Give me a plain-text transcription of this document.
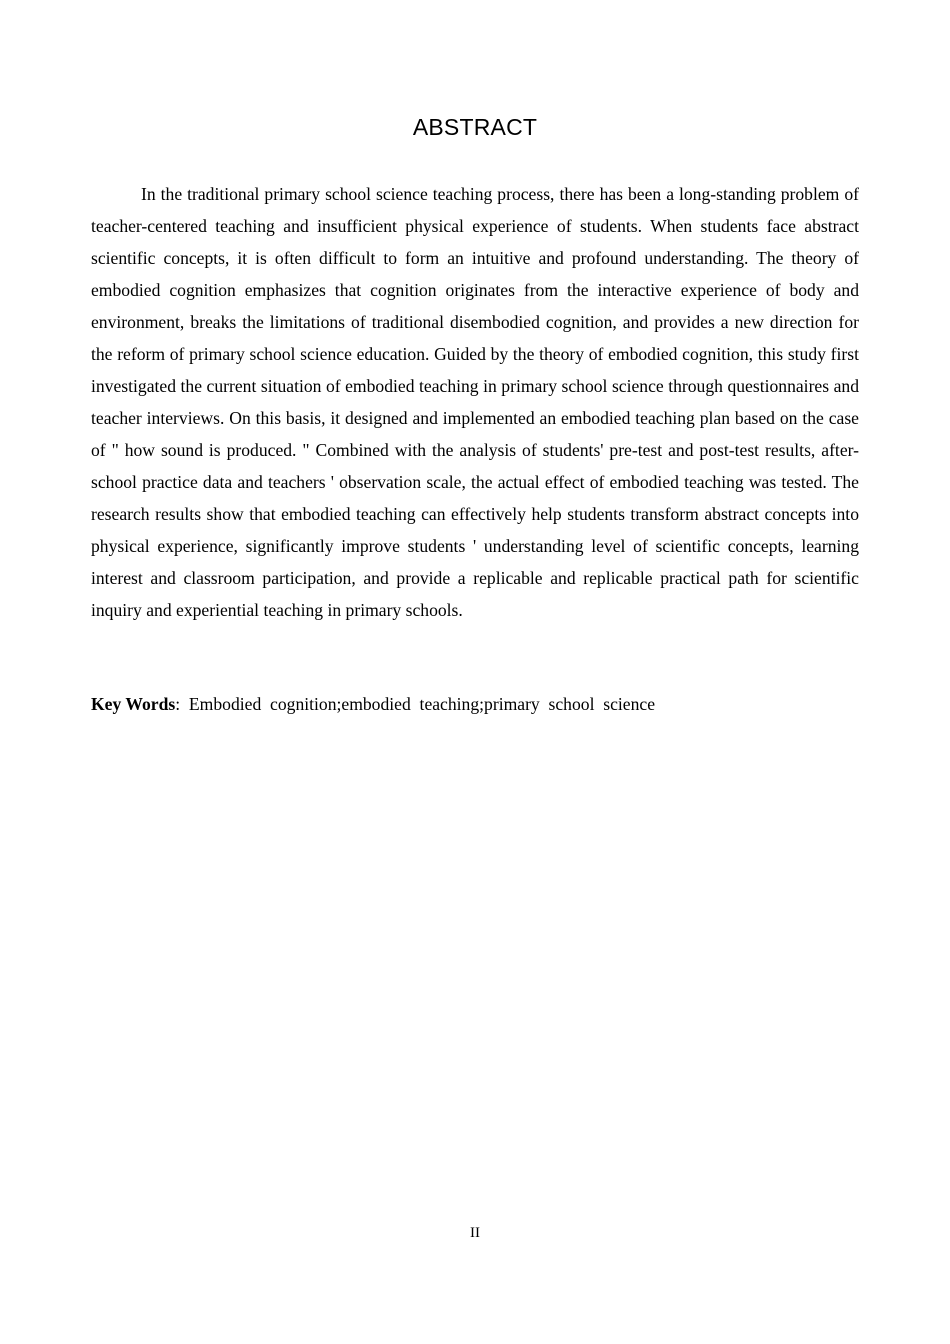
ABSTRACT

In the traditional primary school science teaching process, there has been a long-standing problem of teacher-centered teaching and insufficient physical experience of students. When students face abstract scientific concepts, it is often difficult to form an intuitive and profound understanding. The theory of embodied cognition emphasizes that cognition originates from the interactive experience of body and environment, breaks the limitations of traditional disembodied cognition, and provides a new direction for the reform of primary school science education. Guided by the theory of embodied cognition, this study first investigated the current situation of embodied teaching in primary school science through questionnaires and teacher interviews. On this basis, it designed and implemented an embodied teaching plan based on the case of " how sound is produced. " Combined with the analysis of students' pre-test and post-test results, after-school practice data and teachers ' observation scale, the actual effect of embodied teaching was tested. The research results show that embodied teaching can effectively help students transform abstract concepts into physical experience, significantly improve students ' understanding level of scientific concepts, learning interest and classroom participation, and provide a replicable and replicable practical path for scientific inquiry and experiential teaching in primary schools.

Key Words:  Embodied  cognition;embodied  teaching;primary  school  science

II
